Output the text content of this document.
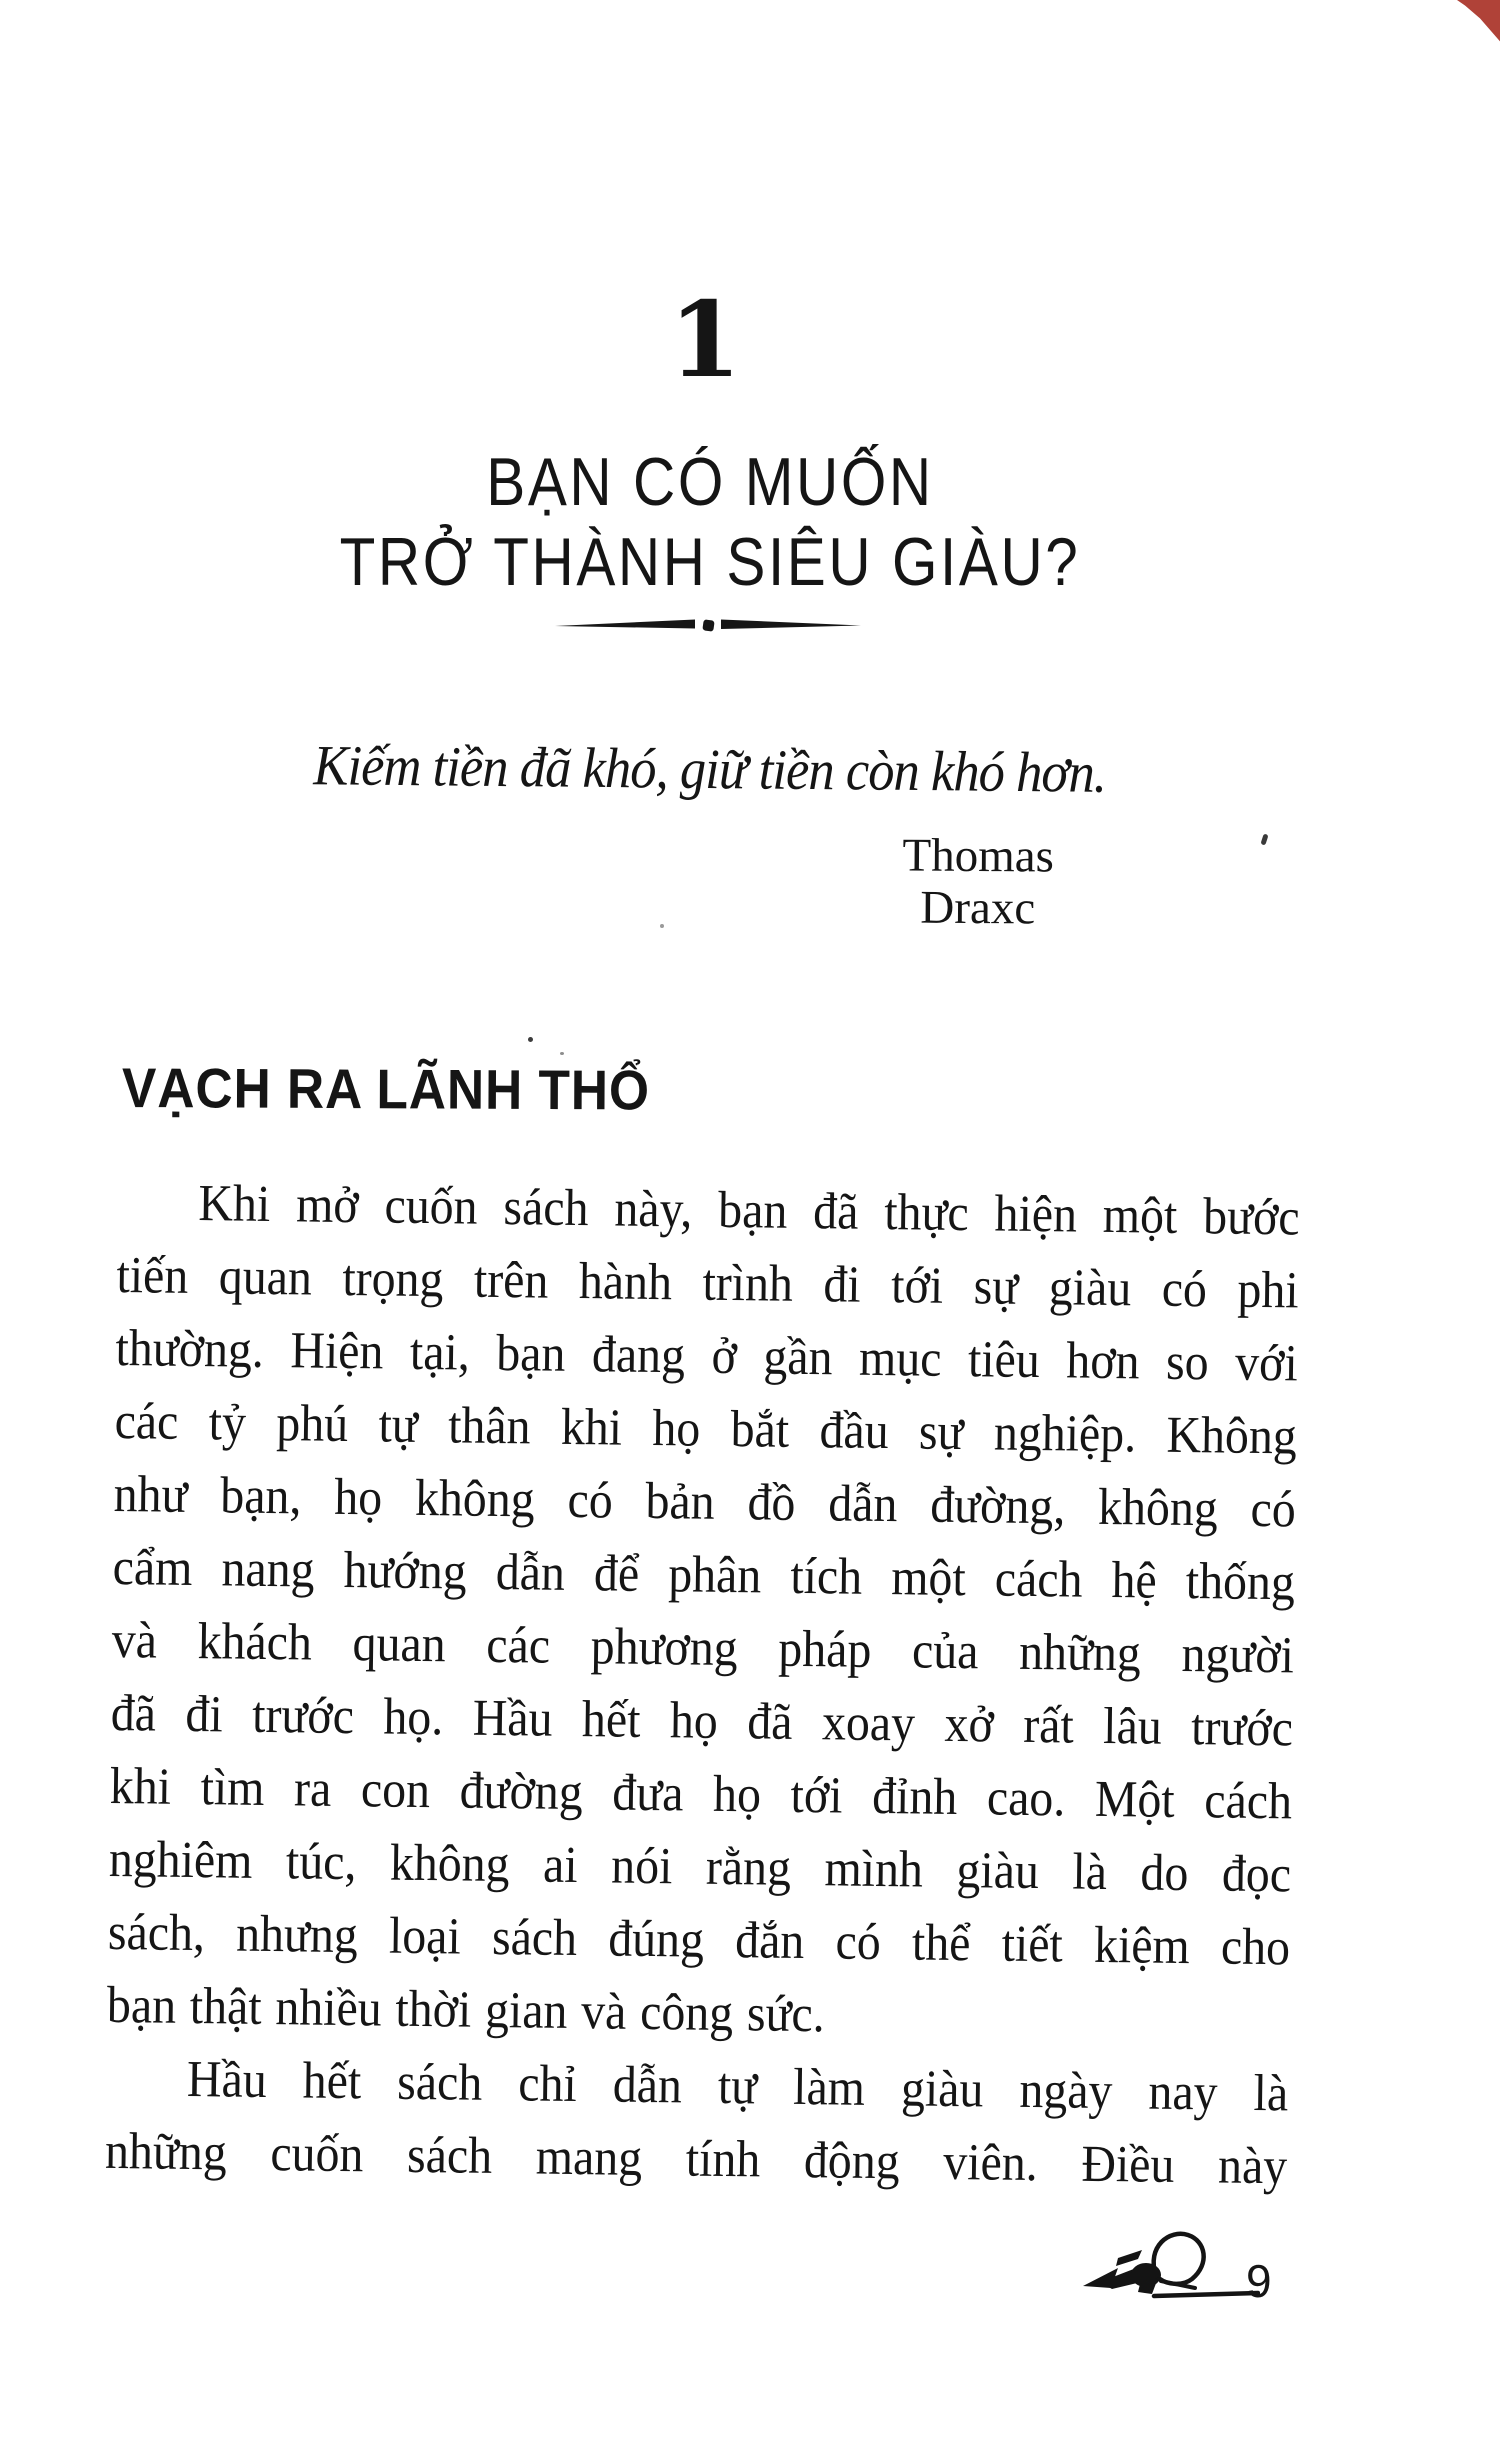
1
BẠN CÓ MUỐN
TRỞ THÀNH SIÊU GIÀU?
Kiếm tiền đã khó, giữ tiền còn khó hơn.
Thomas Draxc
VẠCH RA LÃNH THỔ
Khi mở cuốn sách này, bạn đã thực hiện một bước
tiến quan trọng trên hành trình đi tới sự giàu có phi
thường. Hiện tại, bạn đang ở gần mục tiêu hơn so với
các tỷ phú tự thân khi họ bắt đầu sự nghiệp. Không
như bạn, họ không có bản đồ dẫn đường, không có
cẩm nang hướng dẫn để phân tích một cách hệ thống
và khách quan các phương pháp của những người
đã đi trước họ. Hầu hết họ đã xoay xở rất lâu trước
khi tìm ra con đường đưa họ tới đỉnh cao. Một cách
nghiêm túc, không ai nói rằng mình giàu là do đọc
sách, nhưng loại sách đúng đắn có thể tiết kiệm cho
bạn thật nhiều thời gian và công sức.
Hầu hết sách chỉ dẫn tự làm giàu ngày nay là
những cuốn sách mang tính động viên. Điều này
9
